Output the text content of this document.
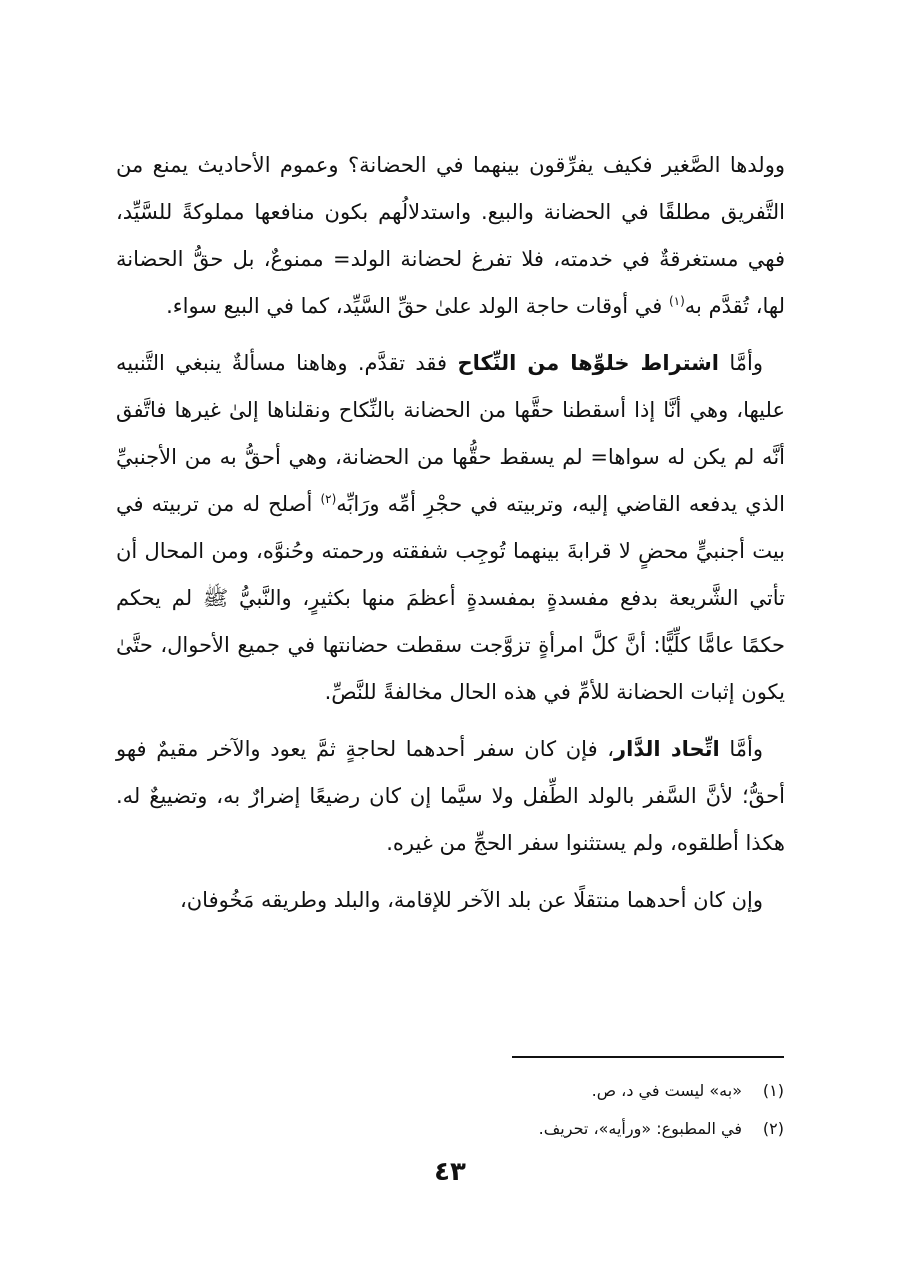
وولدها الصَّغير فكيف يفرِّقون بينهما في الحضانة؟ وعموم الأحاديث يمنع من التَّفريق مطلقًا في الحضانة والبيع. واستدلالُهم بكون منافعها مملوكةً للسَّيِّد، فهي مستغرقةٌ في خدمته، فلا تفرغ لحضانة الولد= ممنوعٌ، بل حقُّ الحضانة لها، تُقدَّم به$^{(١)}$ في أوقات حاجة الولد علىٰ حقِّ السَّيِّد، كما في البيع سواء.

وأمَّا اشتراط خلوِّها من النِّكاح فقد تقدَّم. وهاهنا مسألةٌ ينبغي التَّنبيه عليها، وهي أنَّا إذا أسقطنا حقَّها من الحضانة بالنِّكاح ونقلناها إلىٰ غيرها فاتَّفق أنَّه لم يكن له سواها= لم يسقط حقُّها من الحضانة، وهي أحقُّ به من الأجنبيِّ الذي يدفعه القاضي إليه، وتربيته في حجْرِ أمِّه ورَابِّه$^{(٢)}$ أصلح له من تربيته في بيت أجنبيٍّ محضٍ لا قرابةَ بينهما تُوجِب شفقته ورحمته وحُنوَّه، ومن المحال أن تأتي الشَّريعة بدفع مفسدةٍ بمفسدةٍ أعظمَ منها بكثيرٍ، والنَّبيُّ ﷺ لم يحكم حكمًا عامًّا كلِّيًّا: أنَّ كلَّ امرأةٍ تزوَّجت سقطت حضانتها في جميع الأحوال، حتَّىٰ يكون إثبات الحضانة للأمِّ في هذه الحال مخالفةً للنَّصِّ.

وأمَّا اتِّحاد الدَّار، فإن كان سفر أحدهما لحاجةٍ ثمَّ يعود والآخر مقيمٌ فهو أحقُّ؛ لأنَّ السَّفر بالولد الطِّفل ولا سيَّما إن كان رضيعًا إضرارٌ به، وتضييعٌ له. هكذا أطلقوه، ولم يستثنوا سفر الحجِّ من غيره.

وإن كان أحدهما منتقلًا عن بلد الآخر للإقامة، والبلد وطريقه مَخُوفان،

(١)«به» ليست في د، ص.
(٢)في المطبوع: «ورأيه»، تحريف.
٤٣
